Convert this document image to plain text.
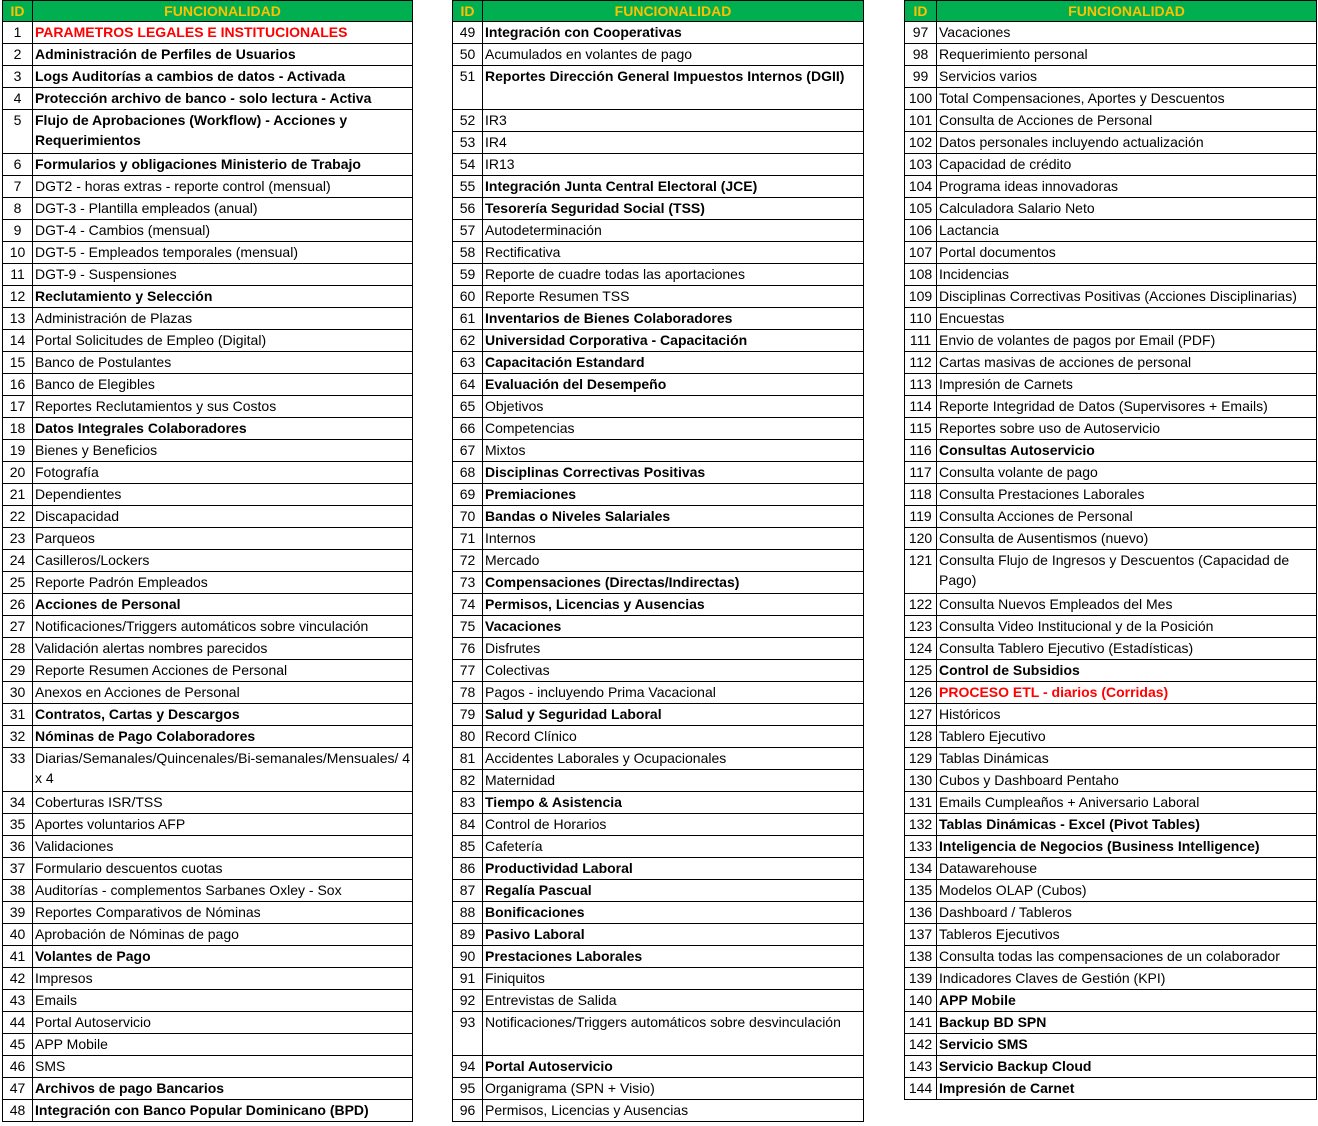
ID	FUNCIONALIDAD
1	PARAMETROS LEGALES E INSTITUCIONALES
2	Administración de Perfiles de Usuarios
3	Logs Auditorías a cambios de datos - Activada
4	Protección archivo de banco - solo lectura - Activa
5	Flujo de Aprobaciones (Workflow) - Acciones y Requerimientos
6	Formularios y obligaciones Ministerio de Trabajo
7	DGT2 - horas extras - reporte control (mensual)
8	DGT-3 - Plantilla empleados (anual)
9	DGT-4 - Cambios (mensual)
10	DGT-5 - Empleados temporales (mensual)
11	DGT-9 - Suspensiones
12	Reclutamiento y Selección
13	Administración de Plazas
14	Portal Solicitudes de Empleo (Digital)
15	Banco de Postulantes
16	Banco de Elegibles
17	Reportes Reclutamientos y sus Costos
18	Datos Integrales Colaboradores
19	Bienes y Beneficios
20	Fotografía
21	Dependientes
22	Discapacidad
23	Parqueos
24	Casilleros/Lockers
25	Reporte Padrón Empleados
26	Acciones de Personal
27	Notificaciones/Triggers automáticos sobre vinculación
28	Validación alertas nombres parecidos
29	Reporte Resumen Acciones de Personal
30	Anexos en Acciones de Personal
31	Contratos, Cartas y Descargos
32	Nóminas de Pago Colaboradores
33	Diarias/Semanales/Quincenales/Bi-semanales/Mensuales/ 4 x 4
34	Coberturas ISR/TSS
35	Aportes voluntarios AFP
36	Validaciones
37	Formulario descuentos cuotas
38	Auditorías - complementos Sarbanes Oxley - Sox
39	Reportes Comparativos de Nóminas
40	Aprobación de Nóminas de pago
41	Volantes de Pago
42	Impresos
43	Emails
44	Portal Autoservicio
45	APP Mobile
46	SMS
47	Archivos de pago Bancarios
48	Integración con Banco Popular Dominicano (BPD)
ID	FUNCIONALIDAD
49	Integración con Cooperativas
50	Acumulados en volantes de pago
51	Reportes Dirección General Impuestos Internos (DGII)
52	IR3
53	IR4
54	IR13
55	Integración Junta Central Electoral (JCE)
56	Tesorería Seguridad Social (TSS)
57	Autodeterminación
58	Rectificativa
59	Reporte de cuadre todas las aportaciones
60	Reporte Resumen TSS
61	Inventarios de Bienes Colaboradores
62	Universidad Corporativa - Capacitación
63	Capacitación Estandard
64	Evaluación del Desempeño
65	Objetivos
66	Competencias
67	Mixtos
68	Disciplinas Correctivas Positivas
69	Premiaciones
70	Bandas o Niveles Salariales
71	Internos
72	Mercado
73	Compensaciones (Directas/Indirectas)
74	Permisos, Licencias y Ausencias
75	Vacaciones
76	Disfrutes
77	Colectivas
78	Pagos - incluyendo Prima Vacacional
79	Salud y Seguridad Laboral
80	Record Clínico
81	Accidentes Laborales y Ocupacionales
82	Maternidad
83	Tiempo & Asistencia
84	Control de Horarios
85	Cafetería
86	Productividad Laboral
87	Regalía Pascual
88	Bonificaciones
89	Pasivo Laboral
90	Prestaciones Laborales
91	Finiquitos
92	Entrevistas de Salida
93	Notificaciones/Triggers automáticos sobre desvinculación
94	Portal Autoservicio
95	Organigrama (SPN + Visio)
96	Permisos, Licencias y Ausencias
ID	FUNCIONALIDAD
97	Vacaciones
98	Requerimiento personal
99	Servicios varios
100	Total Compensaciones, Aportes y Descuentos
101	Consulta de Acciones de Personal
102	Datos personales incluyendo actualización
103	Capacidad de crédito
104	Programa ideas innovadoras
105	Calculadora Salario Neto
106	Lactancia
107	Portal documentos
108	Incidencias
109	Disciplinas Correctivas Positivas (Acciones Disciplinarias)
110	Encuestas
111	Envio de volantes de pagos por Email (PDF)
112	Cartas masivas de acciones de personal
113	Impresión de Carnets
114	Reporte Integridad de Datos (Supervisores + Emails)
115	Reportes sobre uso de Autoservicio
116	Consultas Autoservicio
117	Consulta volante de pago
118	Consulta Prestaciones Laborales
119	Consulta Acciones de Personal
120	Consulta de Ausentismos (nuevo)
121	Consulta Flujo de Ingresos y Descuentos (Capacidad de Pago)
122	Consulta Nuevos Empleados del Mes
123	Consulta Video Institucional y de la Posición
124	Consulta Tablero Ejecutivo (Estadísticas)
125	Control de Subsidios
126	PROCESO ETL - diarios (Corridas)
127	Históricos
128	Tablero Ejecutivo
129	Tablas Dinámicas
130	Cubos y Dashboard Pentaho
131	Emails Cumpleaños + Aniversario Laboral
132	Tablas Dinámicas - Excel (Pivot Tables)
133	Inteligencia de Negocios (Business Intelligence)
134	Datawarehouse
135	Modelos OLAP (Cubos)
136	Dashboard / Tableros
137	Tableros Ejecutivos
138	Consulta todas las compensaciones de un colaborador
139	Indicadores Claves de Gestión (KPI)
140	APP Mobile
141	Backup BD SPN
142	Servicio SMS
143	Servicio Backup Cloud
144	Impresión de Carnet
